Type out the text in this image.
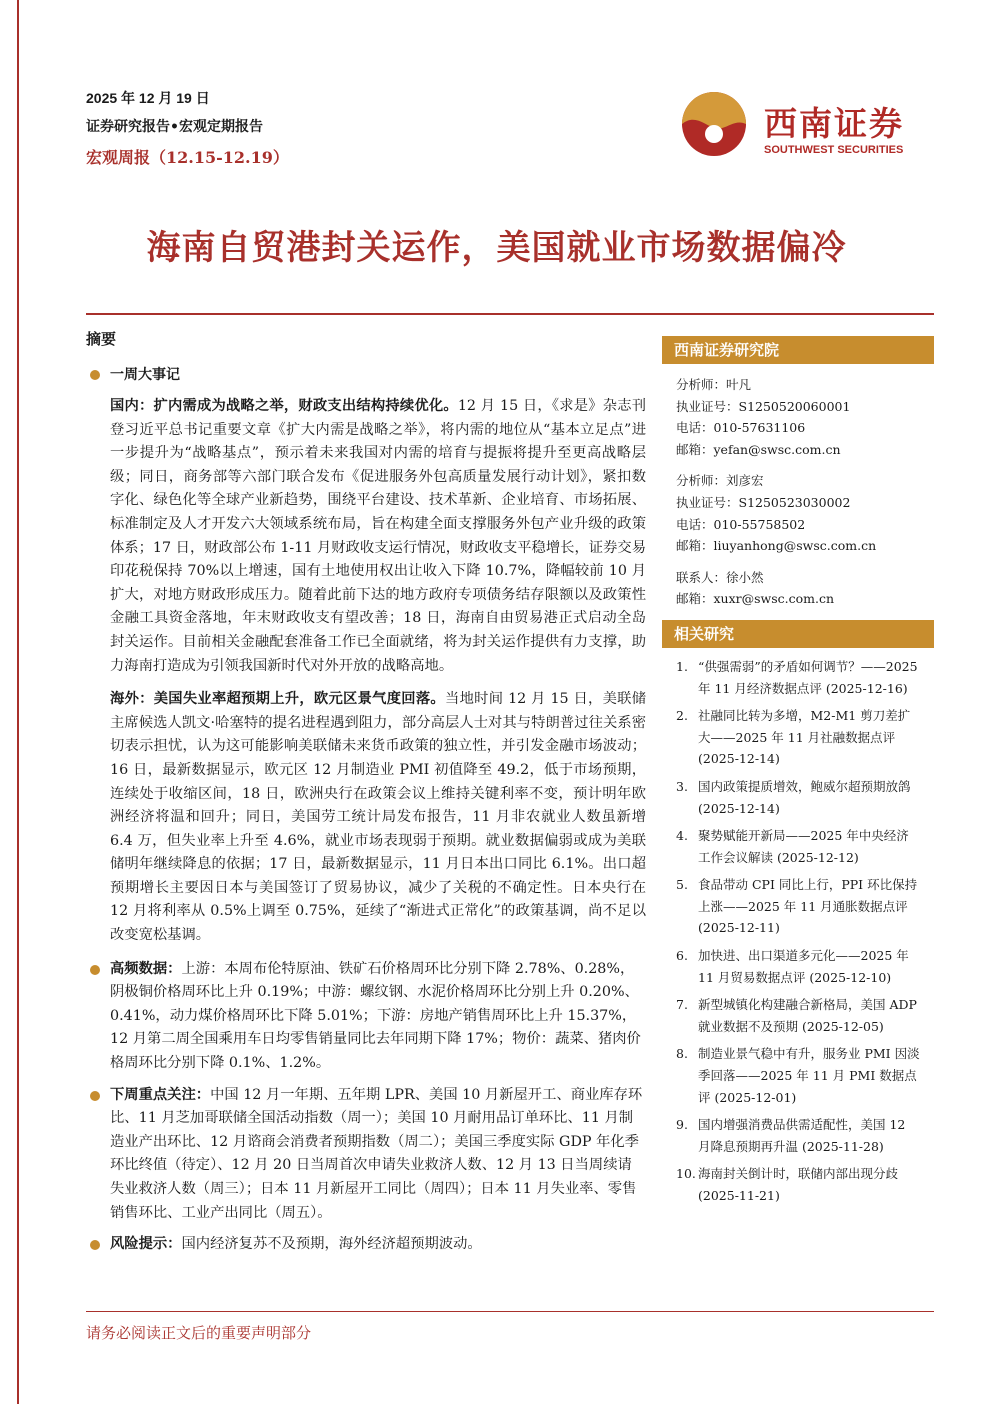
2025 年 12 月 19 日
证券研究报告•宏观定期报告
宏观周报（12.15-12.19）
西南证券
SOUTHWEST SECURITIES
海南自贸港封关运作，美国就业市场数据偏冷
摘要
一周大事记
国内：扩内需成为战略之举，财政支出结构持续优化。12 月 15 日，《求是》杂志刊登习近平总书记重要文章《扩大内需是战略之举》，将内需的地位从“基本立足点”进一步提升为“战略基点”，预示着未来我国对内需的培育与提振将提升至更高战略层级；同日，商务部等六部门联合发布《促进服务外包高质量发展行动计划》，紧扣数字化、绿色化等全球产业新趋势，围绕平台建设、技术革新、企业培育、市场拓展、标准制定及人才开发六大领域系统布局，旨在构建全面支撑服务外包产业升级的政策体系；17 日，财政部公布 1-11 月财政收支运行情况，财政收支平稳增长，证券交易印花税保持 70%以上增速，国有土地使用权出让收入下降 10.7%，降幅较前 10 月扩大，对地方财政形成压力。随着此前下达的地方政府专项债务结存限额以及政策性金融工具资金落地，年末财政收支有望改善；18 日，海南自由贸易港正式启动全岛封关运作。目前相关金融配套准备工作已全面就绪，将为封关运作提供有力支撑，助力海南打造成为引领我国新时代对外开放的战略高地。
海外：美国失业率超预期上升，欧元区景气度回落。当地时间 12 月 15 日，美联储主席候选人凯文·哈塞特的提名进程遇到阻力，部分高层人士对其与特朗普过往关系密切表示担忧，认为这可能影响美联储未来货币政策的独立性，并引发金融市场波动；16 日，最新数据显示，欧元区 12 月制造业 PMI 初值降至 49.2，低于市场预期，连续处于收缩区间，18 日，欧洲央行在政策会议上维持关键利率不变，预计明年欧洲经济将温和回升；同日，美国劳工统计局发布报告，11 月非农就业人数虽新增 6.4 万，但失业率上升至 4.6%，就业市场表现弱于预期。就业数据偏弱或成为美联储明年继续降息的依据；17 日，最新数据显示，11 月日本出口同比 6.1%。出口超预期增长主要因日本与美国签订了贸易协议，减少了关税的不确定性。日本央行在 12 月将利率从 0.5%上调至 0.75%，延续了“渐进式正常化”的政策基调，尚不足以改变宽松基调。
高频数据：上游：本周布伦特原油、铁矿石价格周环比分别下降 2.78%、0.28%，阴极铜价格周环比上升 0.19%；中游：螺纹钢、水泥价格周环比分别上升 0.20%、0.41%，动力煤价格周环比下降 5.01%；下游：房地产销售周环比上升 15.37%，12 月第二周全国乘用车日均零售销量同比去年同期下降 17%；物价：蔬菜、猪肉价格周环比分别下降 0.1%、1.2%。
下周重点关注：中国 12 月一年期、五年期 LPR、美国 10 月新屋开工、商业库存环比、11 月芝加哥联储全国活动指数（周一）；美国 10 月耐用品订单环比、11 月制造业产出环比、12 月谘商会消费者预期指数（周二）；美国三季度实际 GDP 年化季环比终值（待定）、12 月 20 日当周首次申请失业救济人数、12 月 13 日当周续请失业救济人数（周三）；日本 11 月新屋开工同比（周四）；日本 11 月失业率、零售销售环比、工业产出同比（周五）。
风险提示：国内经济复苏不及预期，海外经济超预期波动。
西南证券研究院
分析师：叶凡
执业证号：S1250520060001
电话：010-57631106
邮箱：yefan@swsc.com.cn
分析师：刘彦宏
执业证号：S1250523030002
电话：010-55758502
邮箱：liuyanhong@swsc.com.cn
联系人：徐小然
邮箱：xuxr@swsc.com.cn
相关研究
1. “供强需弱”的矛盾如何调节？——2025 年 11 月经济数据点评 (2025-12-16)
2. 社融同比转为多增，M2-M1 剪刀差扩大——2025 年 11 月社融数据点评 (2025-12-14)
3. 国内政策提质增效，鲍威尔超预期放鸽 (2025-12-14)
4. 聚势赋能开新局——2025 年中央经济工作会议解读 (2025-12-12)
5. 食品带动 CPI 同比上行，PPI 环比保持上涨——2025 年 11 月通胀数据点评 (2025-12-11)
6. 加快进、出口渠道多元化——2025 年 11 月贸易数据点评 (2025-12-10)
7. 新型城镇化构建融合新格局，美国 ADP 就业数据不及预期 (2025-12-05)
8. 制造业景气稳中有升，服务业 PMI 因淡季回落——2025 年 11 月 PMI 数据点评 (2025-12-01)
9. 国内增强消费品供需适配性，美国 12 月降息预期再升温 (2025-11-28)
10. 海南封关倒计时，联储内部出现分歧 (2025-11-21)
请务必阅读正文后的重要声明部分
